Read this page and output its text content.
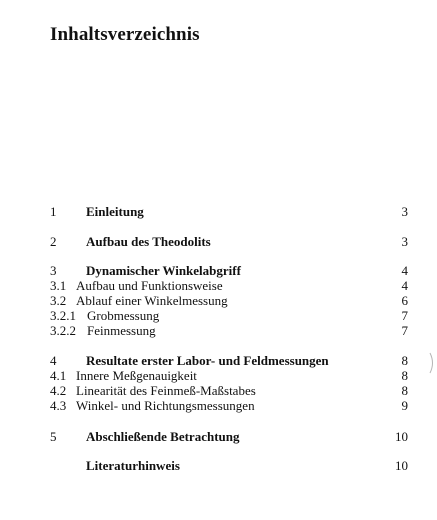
Inhaltsverzeichnis
1 Einleitung	3
2 Aufbau des Theodolits	3
3 Dynamischer Winkelabgriff	4
3.1 Aufbau und Funktionsweise	4
3.2 Ablauf einer Winkelmessung	6
3.2.1 Grobmessung	7
3.2.2 Feinmessung	7
4 Resultate erster Labor- und Feldmessungen	8
4.1 Innere Meßgenauigkeit	8
4.2 Linearität des Feinmeß-Maßstabes	8
4.3 Winkel- und Richtungsmessungen	9
5 Abschließende Betrachtung	10
Literaturhinweis	10
